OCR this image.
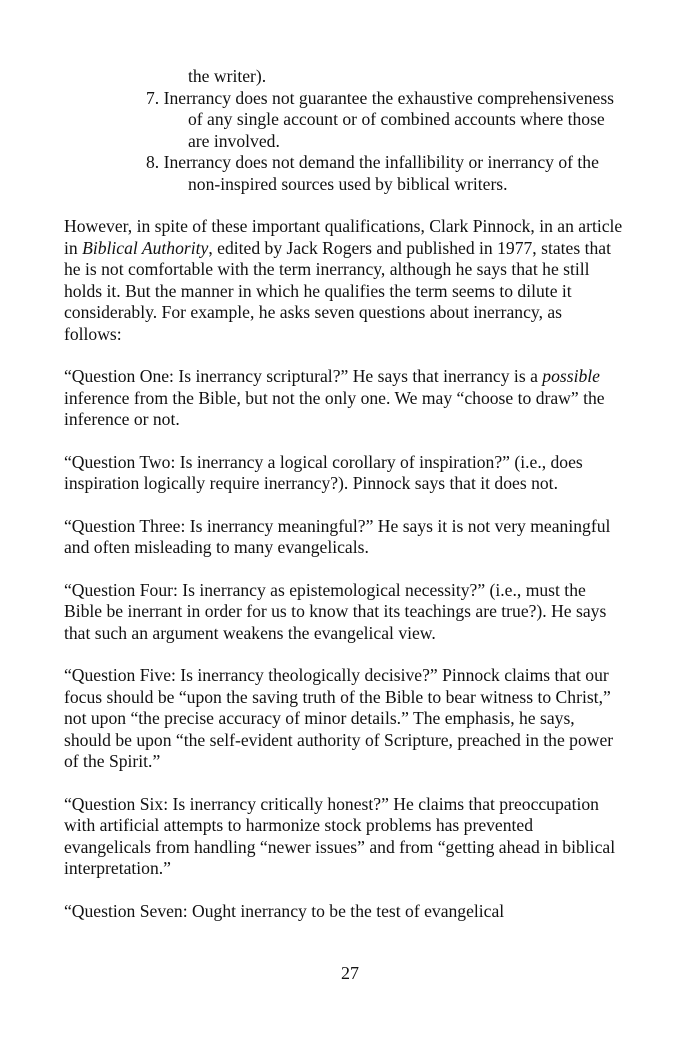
the writer).

7. Inerrancy does not guarantee the exhaustive comprehensiveness of any single account or of combined accounts where those are involved.
8. Inerrancy does not demand the infallibility or inerrancy of the non-inspired sources used by biblical writers.

However, in spite of these important qualifications, Clark Pinnock, in an article in Biblical Authority, edited by Jack Rogers and published in 1977, states that he is not comfortable with the term inerrancy, although he says that he still holds it. But the manner in which he qualifies the term seems to dilute it considerably. For example, he asks seven questions about inerrancy, as follows:

“Question One: Is inerrancy scriptural?” He says that inerrancy is a possible inference from the Bible, but not the only one. We may “choose to draw” the inference or not.

“Question Two: Is inerrancy a logical corollary of inspiration?” (i.e., does inspiration logically require inerrancy?). Pinnock says that it does not.

“Question Three: Is inerrancy meaningful?” He says it is not very meaningful and often misleading to many evangelicals.

“Question Four: Is inerrancy as epistemological necessity?” (i.e., must the Bible be inerrant in order for us to know that its teachings are true?). He says that such an argument weakens the evangelical view.

“Question Five: Is inerrancy theologically decisive?” Pinnock claims that our focus should be “upon the saving truth of the Bible to bear witness to Christ,” not upon “the precise accuracy of minor details.” The emphasis, he says, should be upon “the self-evident authority of Scripture, preached in the power of the Spirit.”

“Question Six: Is inerrancy critically honest?” He claims that preoccupation with artificial attempts to harmonize stock problems has prevented evangelicals from handling “newer issues” and from “getting ahead in biblical interpretation.”

“Question Seven: Ought inerrancy to be the test of evangelical

27
